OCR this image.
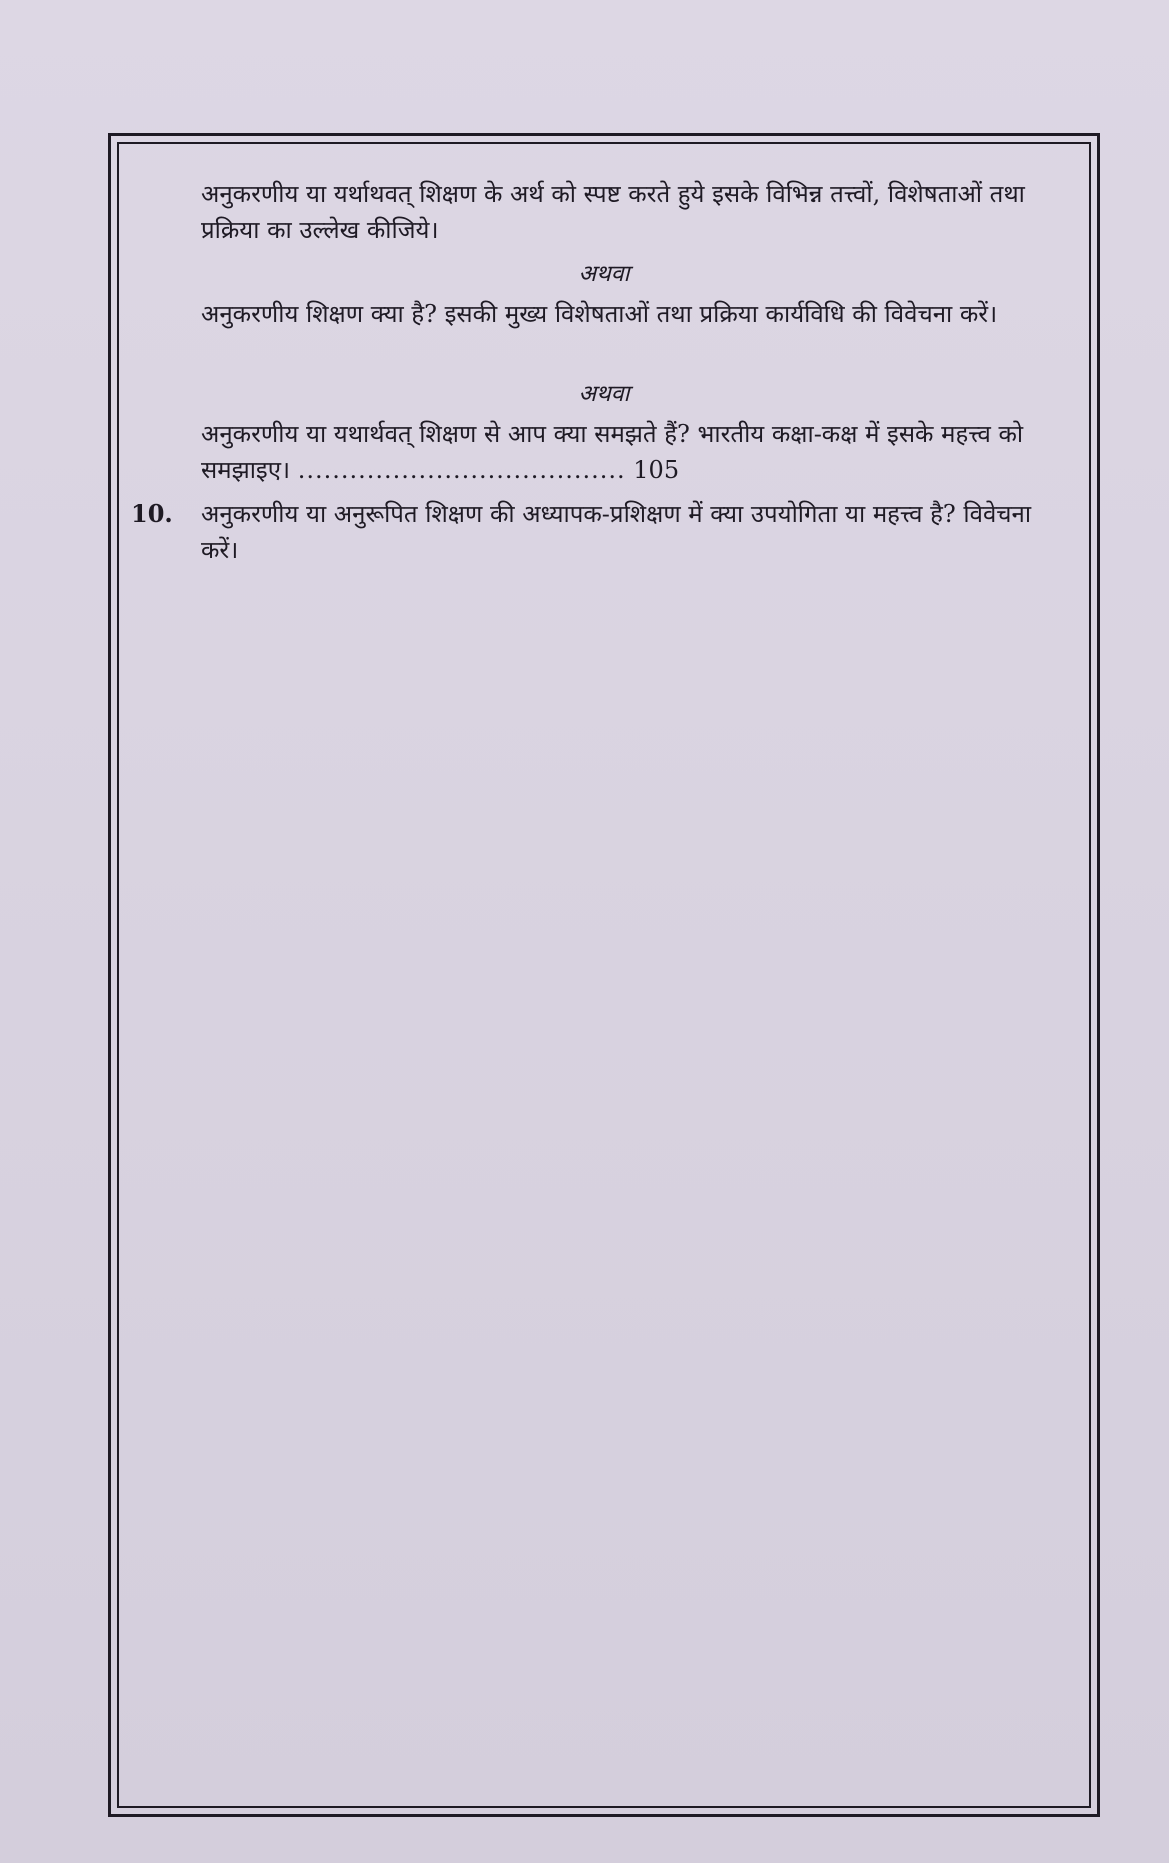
अनुकरणीय या यर्थाथवत् शिक्षण के अर्थ को स्पष्ट करते हुये इसके विभिन्न तत्त्वों, विशेषताओं तथा प्रक्रिया का उल्लेख कीजिये।

अथवा

अनुकरणीय शिक्षण क्या है? इसकी मुख्य विशेषताओं तथा प्रक्रिया कार्यविधि की विवेचना करें।

अथवा

अनुकरणीय या यथार्थवत् शिक्षण से आप क्या समझते हैं? भारतीय कक्षा-कक्ष में इसके महत्त्व को समझाइए। ...................................... 105

10. अनुकरणीय या अनुरूपित शिक्षण की अध्यापक-प्रशिक्षण में क्या उपयोगिता या महत्त्व है? विवेचना करें।
